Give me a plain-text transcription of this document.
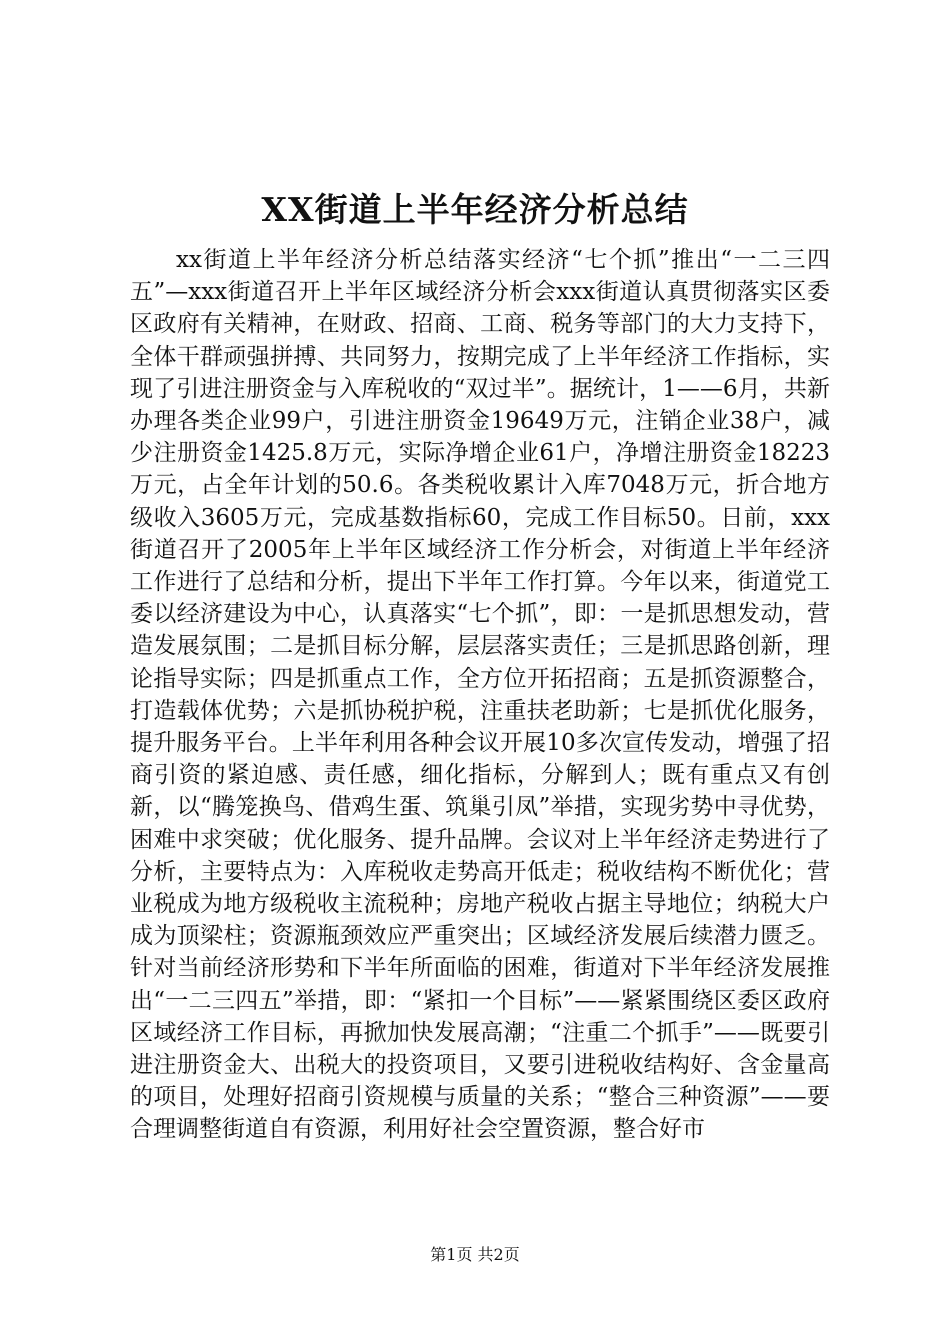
XX街道上半年经济分析总结

xx街道上半年经济分析总结落实经济“七个抓”推出“一二三四五”—xxx街道召开上半年区域经济分析会xxx街道认真贯彻落实区委区政府有关精神，在财政、招商、工商、税务等部门的大力支持下，全体干群顽强拼搏、共同努力，按期完成了上半年经济工作指标，实现了引进注册资金与入库税收的“双过半”。据统计，1——6月，共新办理各类企业99户，引进注册资金19649万元，注销企业38户，减少注册资金1425.8万元，实际净增企业61户，净增注册资金18223万元，占全年计划的50.6。各类税收累计入库7048万元，折合地方级收入3605万元，完成基数指标60，完成工作目标50。日前，xxx街道召开了2005年上半年区域经济工作分析会，对街道上半年经济工作进行了总结和分析，提出下半年工作打算。今年以来，街道党工委以经济建设为中心，认真落实“七个抓”，即：一是抓思想发动，营造发展氛围；二是抓目标分解，层层落实责任；三是抓思路创新，理论指导实际；四是抓重点工作，全方位开拓招商；五是抓资源整合，打造载体优势；六是抓协税护税，注重扶老助新；七是抓优化服务，提升服务平台。上半年利用各种会议开展10多次宣传发动，增强了招商引资的紧迫感、责任感，细化指标，分解到人；既有重点又有创新，以“腾笼换鸟、借鸡生蛋、筑巢引凤”举措，实现劣势中寻优势，困难中求突破；优化服务、提升品牌。会议对上半年经济走势进行了分析，主要特点为：入库税收走势高开低走；税收结构不断优化；营业税成为地方级税收主流税种；房地产税收占据主导地位；纳税大户成为顶梁柱；资源瓶颈效应严重突出；区域经济发展后续潜力匮乏。针对当前经济形势和下半年所面临的困难，街道对下半年经济发展推出“一二三四五”举措，即：“紧扣一个目标”——紧紧围绕区委区政府区域经济工作目标，再掀加快发展高潮；“注重二个抓手”——既要引进注册资金大、出税大的投资项目，又要引进税收结构好、含金量高的项目，处理好招商引资规模与质量的关系；“整合三种资源”——要合理调整街道自有资源，利用好社会空置资源，整合好市

第1页 共2页
